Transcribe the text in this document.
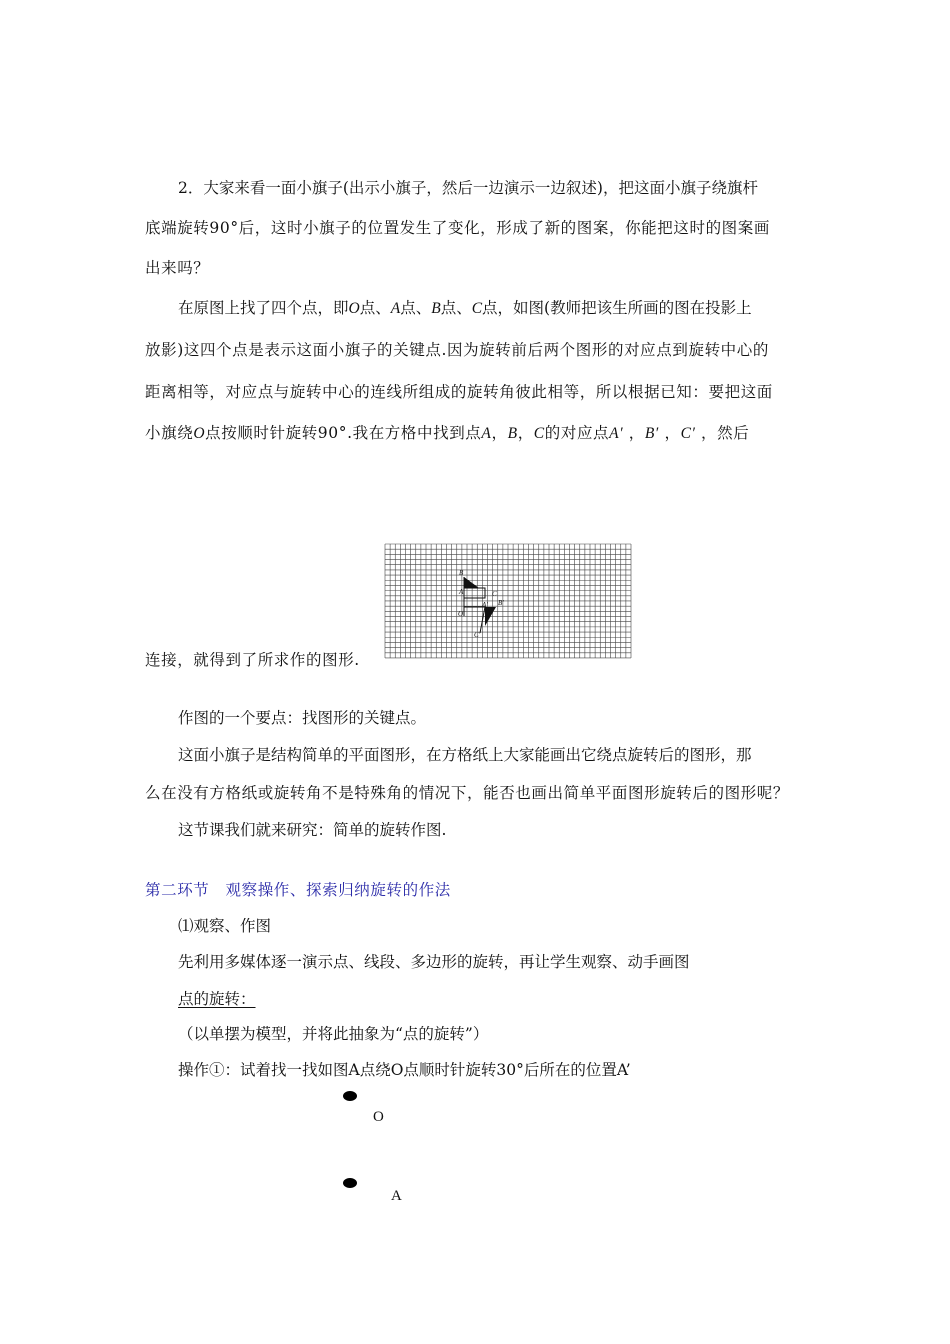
2．大家来看一面小旗子(出示小旗子，然后一边演示一边叙述)，把这面小旗子绕旗杆

底端旋转90°后，这时小旗子的位置发生了变化，形成了新的图案，你能把这时的图案画

出来吗？

在原图上找了四个点，即O点、A点、B点、C点，如图(教师把该生所画的图在投影上

放影)这四个点是表示这面小旗子的关键点.因为旋转前后两个图形的对应点到旋转中心的

距离相等，对应点与旋转中心的连线所组成的旋转角彼此相等，所以根据已知：要把这面

小旗绕O点按顺时针旋转90°.我在方格中找到点A，B，C的对应点A′ ，B′ ，C′ ，然后

连接，就得到了所求作的图形.

B
A	C
O
A′ B′
C′

作图的一个要点：找图形的关键点。

这面小旗子是结构简单的平面图形，在方格纸上大家能画出它绕点旋转后的图形，那

么在没有方格纸或旋转角不是特殊角的情况下，能否也画出简单平面图形旋转后的图形呢？

这节课我们就来研究：简单的旋转作图.

第二环节　观察操作、探索归纳旋转的作法

⑴观察、作图

先利用多媒体逐一演示点、线段、多边形的旋转，再让学生观察、动手画图

点的旋转：

（以单摆为模型，并将此抽象为“点的旋转”）

操作①：试着找一找如图A点绕O点顺时针旋转30°后所在的位置A’

O
A
